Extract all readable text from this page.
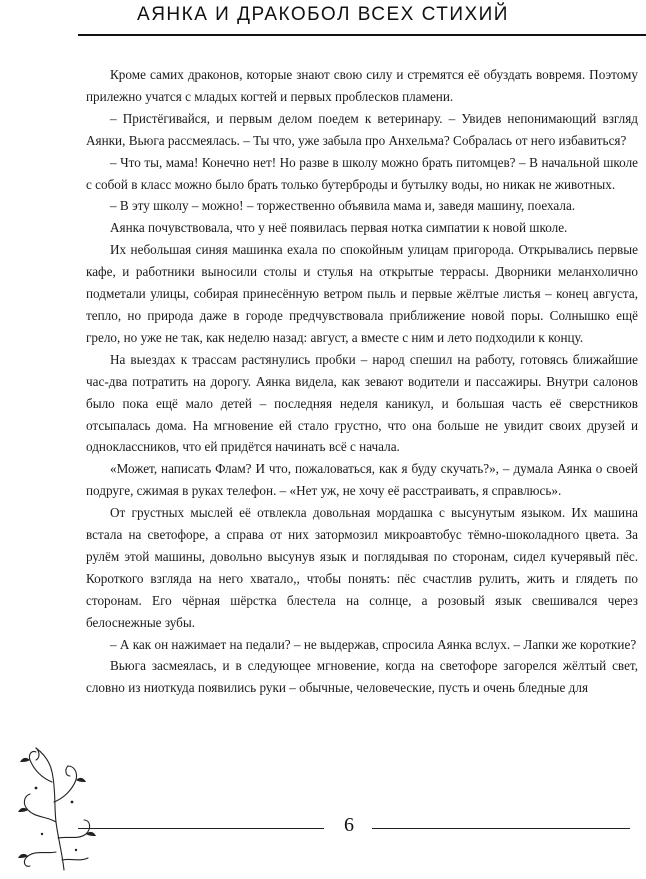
АЯНКА И ДРАКОБОЛ ВСЕХ СТИХИЙ

Кроме самих драконов, которые знают свою силу и стремятся её обуздать вовремя. Поэтому прилежно учатся с младых когтей и первых проблесков пламени.

– Пристёгивайся, и первым делом поедем к ветеринару. – Увидев непонимающий взгляд Аянки, Вьюга рассмеялась. – Ты что, уже забыла про Анхельма? Собралась от него избавиться?

– Что ты, мама! Конечно нет! Но разве в школу можно брать питомцев? – В начальной школе с собой в класс можно было брать только бутерброды и бутылку воды, но никак не животных.

– В эту школу – можно! – торжественно объявила мама и, заведя машину, поехала.

Аянка почувствовала, что у неё появилась первая нотка симпатии к новой школе.

Их небольшая синяя машинка ехала по спокойным улицам пригорода. Открывались первые кафе, и работники выносили столы и стулья на открытые террасы. Дворники меланхолично подметали улицы, собирая принесённую ветром пыль и первые жёлтые листья – конец августа, тепло, но природа даже в городе предчувствовала приближение новой поры. Солнышко ещё грело, но уже не так, как неделю назад: август, а вместе с ним и лето подходили к концу.

На выездах к трассам растянулись пробки – народ спешил на работу, готовясь ближайшие час-два потратить на дорогу. Аянка видела, как зевают водители и пассажиры. Внутри салонов было пока ещё мало детей – последняя неделя каникул, и большая часть её сверстников отсыпалась дома. На мгновение ей стало грустно, что она больше не увидит своих друзей и одноклассников, что ей придётся начинать всё с начала.

«Может, написать Флам? И что, пожаловаться, как я буду скучать?», – думала Аянка о своей подруге, сжимая в руках телефон. – «Нет уж, не хочу её расстраивать, я справлюсь».

От грустных мыслей её отвлекла довольная мордашка с высунутым языком. Их машина встала на светофоре, а справа от них затормозил микроавтобус тёмно-шоколадного цвета. За рулём этой машины, довольно высунув язык и поглядывая по сторонам, сидел кучерявый пёс. Короткого взгляда на него хватало,, чтобы понять: пёс счастлив рулить, жить и глядеть по сторонам. Его чёрная шёрстка блестела на солнце, а розовый язык свешивался через белоснежные зубы.

– А как он нажимает на педали? – не выдержав, спросила Аянка вслух. – Лапки же короткие?

Вьюга засмеялась, и в следующее мгновение, когда на светофоре загорелся жёлтый свет, словно из ниоткуда появились руки – обычные, человеческие, пусть и очень бледные для

6
